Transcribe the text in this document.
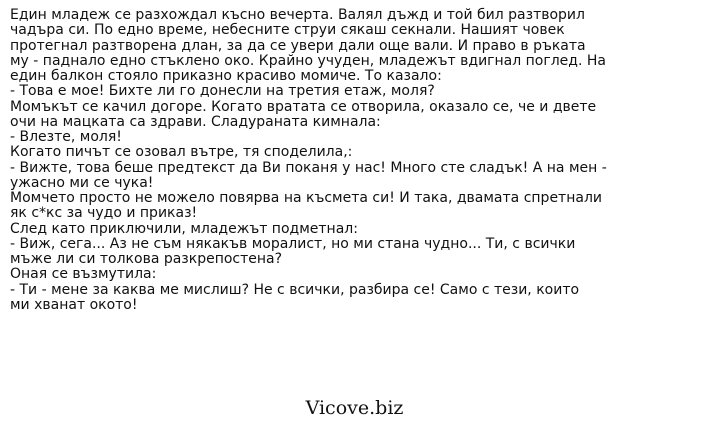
Един младеж се разхождал късно вечерта. Валял дъжд и той бил разтворил
чадъра си. По едно време, небесните струи сякаш секнали. Нашият човек
протегнал разтворена длан, за да се увери дали още вали. И право в ръката
му - паднало едно стъклено око. Крайно учуден, младежът вдигнал поглед. На
един балкон стояло приказно красиво момиче. То казало:
- Това е мое! Бихте ли го донесли на третия етаж, моля?
Момъкът се качил догоре. Когато вратата се отворила, оказало се, че и двете
очи на мацката са здрави. Сладураната кимнала:
- Влезте, моля!
Когато пичът се озовал вътре, тя споделила,:
- Вижте, това беше предтекст да Ви поканя у нас! Много сте сладък! А на мен -
ужасно ми се чука!
Момчето просто не можело повярва на късмета си! И така, двамата спретнали
як с*кс за чудо и приказ!
След като приключили, младежът подметнал:
- Виж, сега... Аз не съм някакъв моралист, но ми стана чудно... Ти, с всички
мъже ли си толкова разкрепостена?
Оная се възмутила:
- Ти - мене за каква ме мислиш? Не с всички, разбира се! Само с тези, които
ми хванат окото!
Vicove.biz
